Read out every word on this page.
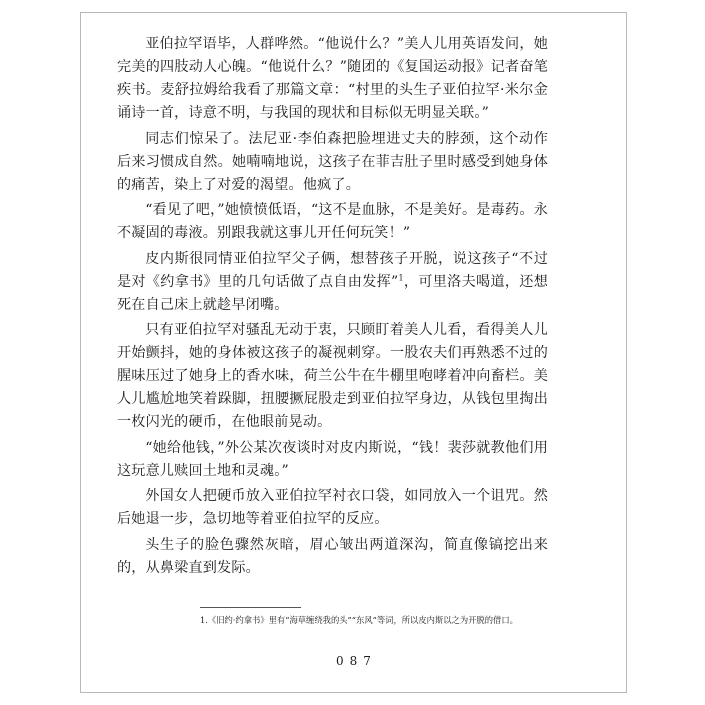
亚伯拉罕语毕，人群哗然。“他说什么？”美人儿用英语发问，她完美的四肢动人心魄。“他说什么？”随团的《复国运动报》记者奋笔疾书。麦舒拉姆给我看了那篇文章：“村里的头生子亚伯拉罕·米尔金诵诗一首，诗意不明，与我国的现状和目标似无明显关联。”

同志们惊呆了。法尼亚·李伯森把脸埋进丈夫的脖颈，这个动作后来习惯成自然。她喃喃地说，这孩子在菲吉肚子里时感受到她身体的痛苦，染上了对爱的渴望。他疯了。

“看见了吧，”她愤愤低语，“这不是血脉，不是美好。是毒药。永不凝固的毒液。别跟我就这事儿开任何玩笑！”

皮内斯很同情亚伯拉罕父子俩，想替孩子开脱，说这孩子“不过是对《约拿书》里的几句话做了点自由发挥”$^1$，可里洛夫喝道，还想死在自己床上就趁早闭嘴。

只有亚伯拉罕对骚乱无动于衷，只顾盯着美人儿看，看得美人儿开始颤抖，她的身体被这孩子的凝视刺穿。一股农夫们再熟悉不过的腥味压过了她身上的香水味，荷兰公牛在牛棚里咆哮着冲向畜栏。美人儿尴尬地笑着跺脚，扭腰撅屁股走到亚伯拉罕身边，从钱包里掏出一枚闪光的硬币，在他眼前晃动。

“她给他钱，”外公某次夜谈时对皮内斯说，“钱！裴莎就教他们用这玩意儿赎回土地和灵魂。”

外国女人把硬币放入亚伯拉罕衬衣口袋，如同放入一个诅咒。然后她退一步，急切地等着亚伯拉罕的反应。

头生子的脸色骤然灰暗，眉心皱出两道深沟，简直像镐挖出来的，从鼻梁直到发际。

1.《旧约·约拿书》里有“海草缠绕我的头”“东风”等词，所以皮内斯以之为开脱的借口。
087
